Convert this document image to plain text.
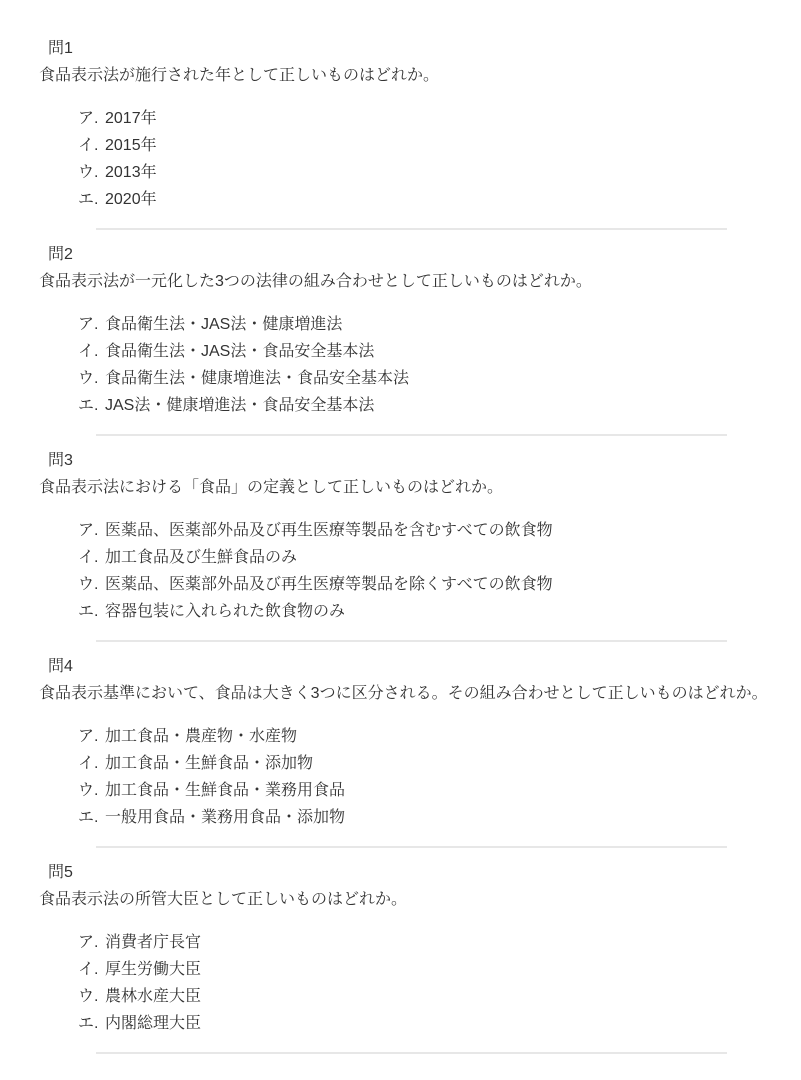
問1
食品表示法が施行された年として正しいものはどれか。
ア. 2017年
イ. 2015年
ウ. 2013年
エ. 2020年
問2
食品表示法が一元化した3つの法律の組み合わせとして正しいものはどれか。
ア. 食品衛生法・JAS法・健康増進法
イ. 食品衛生法・JAS法・食品安全基本法
ウ. 食品衛生法・健康増進法・食品安全基本法
エ. JAS法・健康増進法・食品安全基本法
問3
食品表示法における「食品」の定義として正しいものはどれか。
ア. 医薬品、医薬部外品及び再生医療等製品を含むすべての飲食物
イ. 加工食品及び生鮮食品のみ
ウ. 医薬品、医薬部外品及び再生医療等製品を除くすべての飲食物
エ. 容器包装に入れられた飲食物のみ
問4
食品表示基準において、食品は大きく3つに区分される。その組み合わせとして正しいものはどれか。
ア. 加工食品・農産物・水産物
イ. 加工食品・生鮮食品・添加物
ウ. 加工食品・生鮮食品・業務用食品
エ. 一般用食品・業務用食品・添加物
問5
食品表示法の所管大臣として正しいものはどれか。
ア. 消費者庁長官
イ. 厚生労働大臣
ウ. 農林水産大臣
エ. 内閣総理大臣
